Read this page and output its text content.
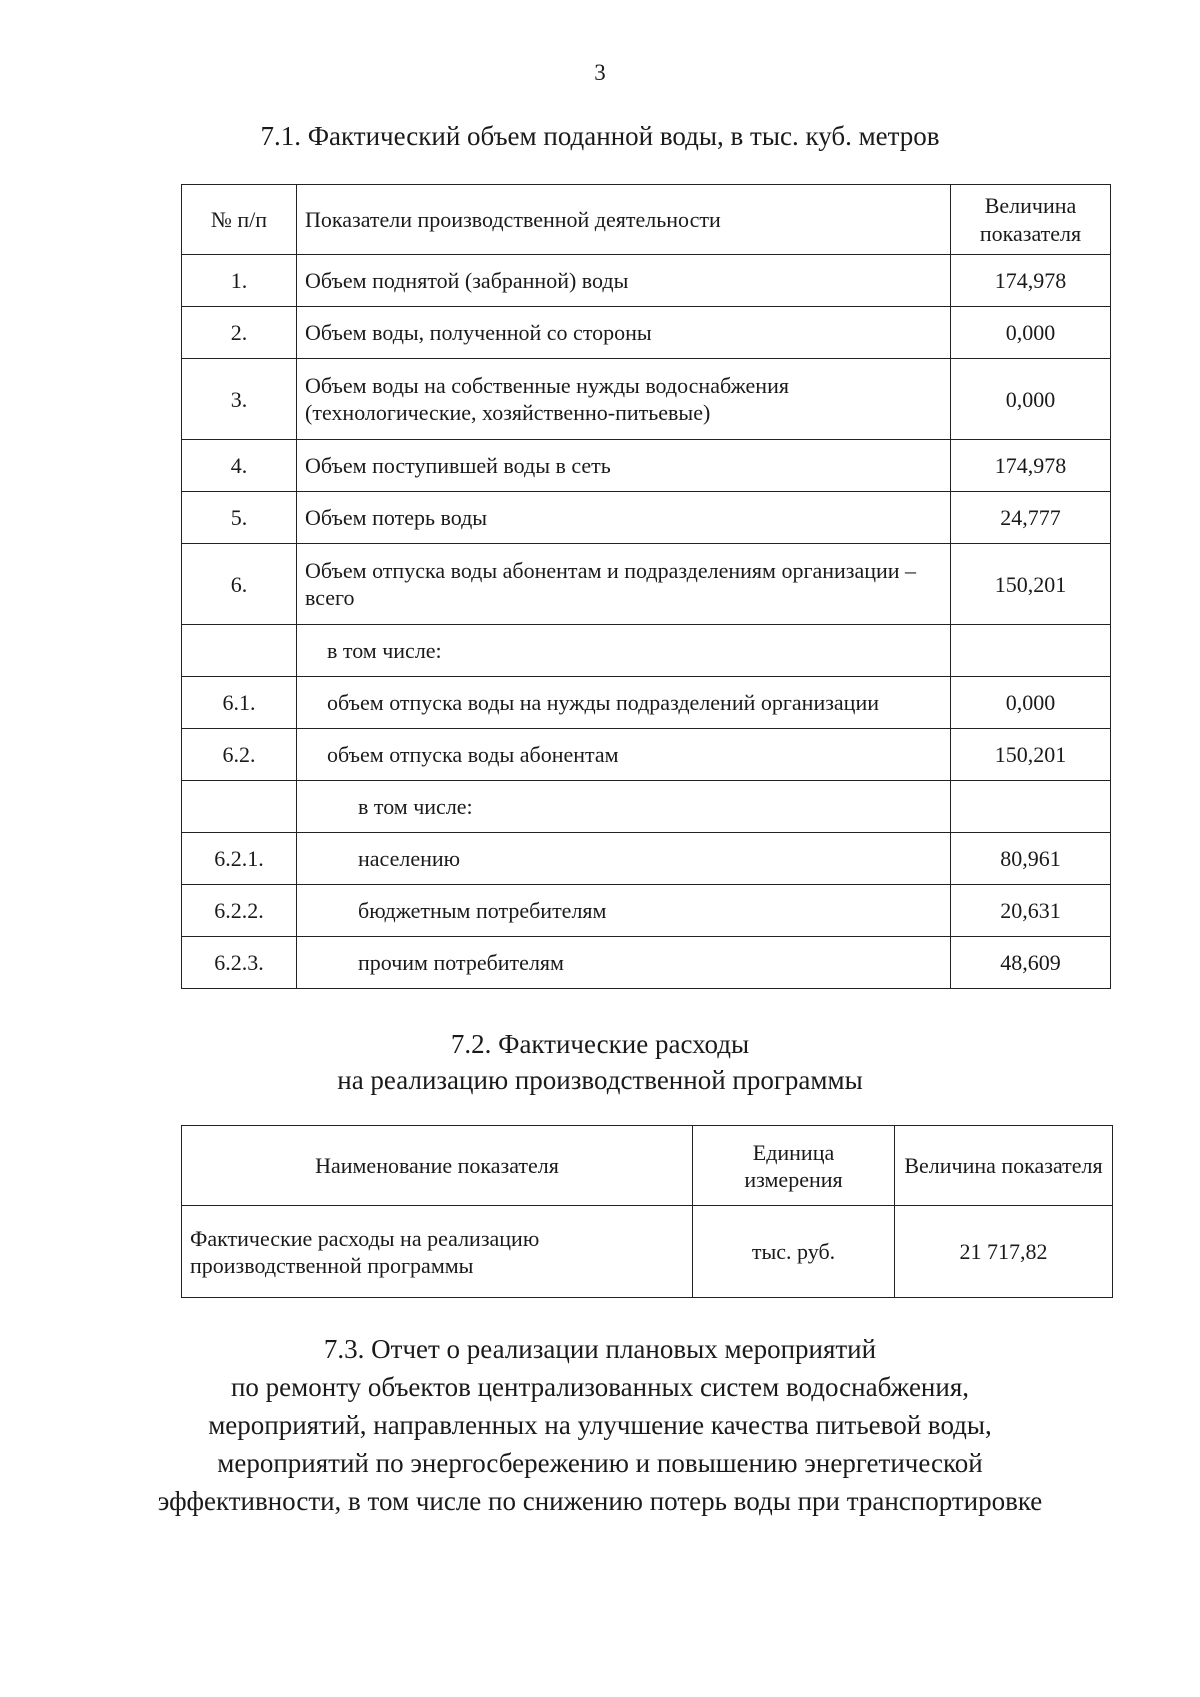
3
7.1. Фактический объем поданной воды, в тыс. куб. метров
№ п/п	Показатели производственной деятельности	Величина показателя
1.	Объем поднятой (забранной) воды	174,978
2.	Объем воды, полученной со стороны	0,000
3.	Объем воды на собственные нужды водоснабжения (технологические, хозяйственно-питьевые)	0,000
4.	Объем поступившей воды в сеть	174,978
5.	Объем потерь воды	24,777
6.	Объем отпуска воды абонентам и подразделениям организации – всего	150,201
	в том числе:	
6.1.	объем отпуска воды на нужды подразделений организации	0,000
6.2.	объем отпуска воды абонентам	150,201
	в том числе:	
6.2.1.	населению	80,961
6.2.2.	бюджетным потребителям	20,631
6.2.3.	прочим потребителям	48,609
7.2. Фактические расходы
на реализацию производственной программы
Наименование показателя	Единица измерения	Величина показателя
Фактические расходы на реализацию производственной программы	тыс. руб.	21 717,82
7.3. Отчет о реализации плановых мероприятий
по ремонту объектов централизованных систем водоснабжения,
мероприятий, направленных на улучшение качества питьевой воды,
мероприятий по энергосбережению и повышению энергетической
эффективности, в том числе по снижению потерь воды при транспортировке
